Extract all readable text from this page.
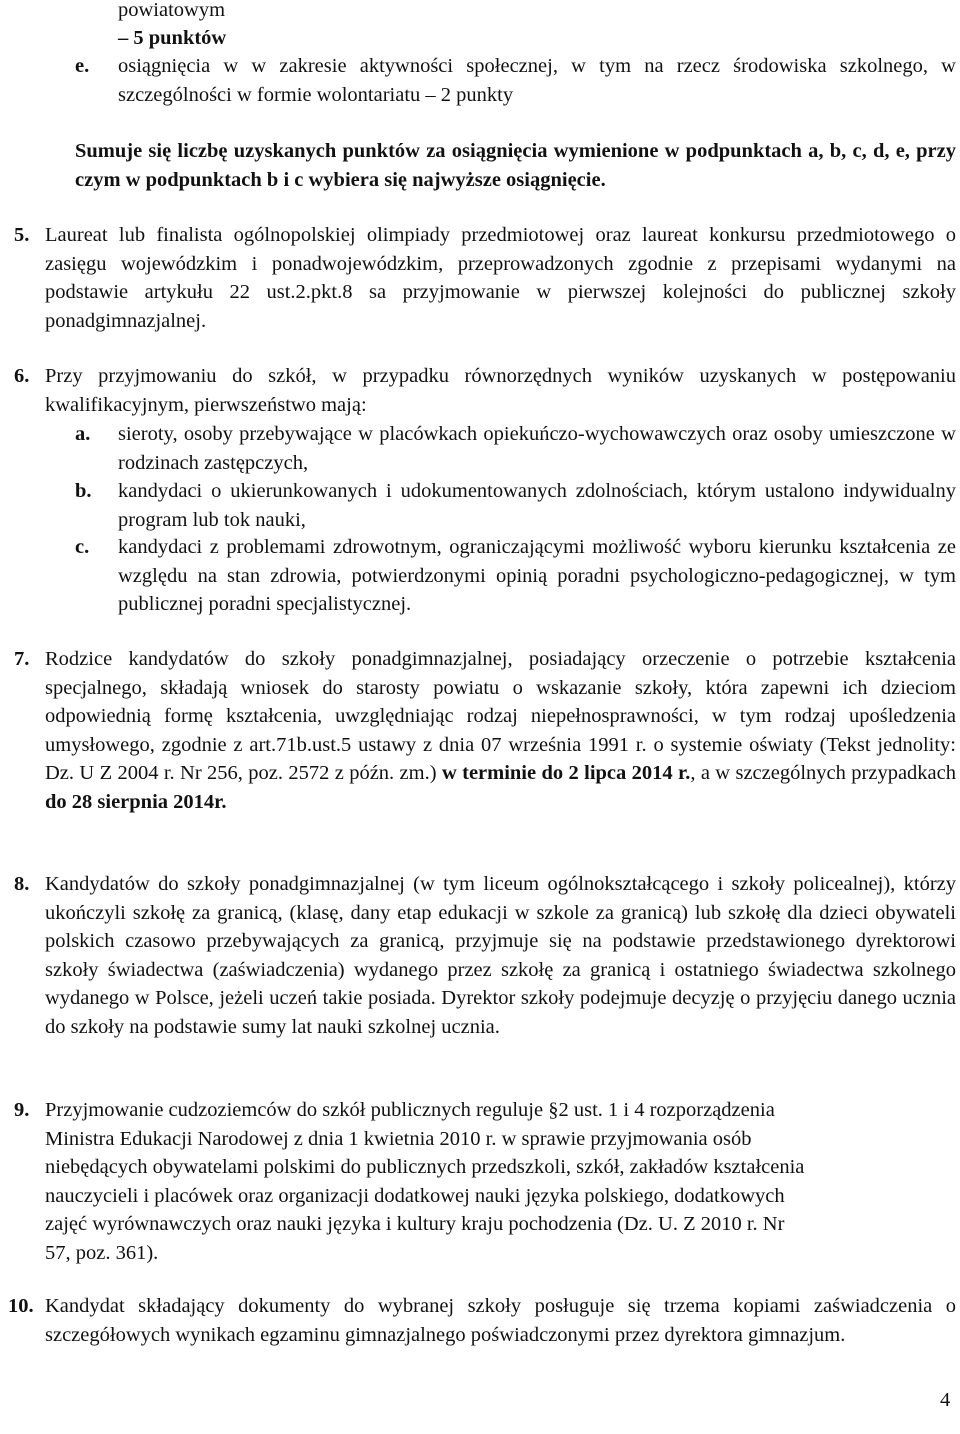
powiatowym

– 5 punktów

e. osiągnięcia w w zakresie aktywności społecznej, w tym na rzecz środowiska szkolnego, w szczególności w formie wolontariatu – 2 punkty

Sumuje się liczbę uzyskanych punktów za osiągnięcia wymienione w podpunktach a, b, c, d, e, przy czym w podpunktach b i c wybiera się najwyższe osiągnięcie.

5. Laureat lub finalista ogólnopolskiej olimpiady przedmiotowej oraz laureat konkursu przedmiotowego o zasięgu wojewódzkim i ponadwojewódzkim, przeprowadzonych zgodnie z przepisami wydanymi na podstawie artykułu 22 ust.2.pkt.8 sa przyjmowanie w pierwszej kolejności do publicznej szkoły ponadgimnazjalnej.

6. Przy przyjmowaniu do szkół, w przypadku równorzędnych wyników uzyskanych w postępowaniu kwalifikacyjnym, pierwszeństwo mają:

a. sieroty, osoby przebywające w placówkach opiekuńczo-wychowawczych oraz osoby umieszczone w rodzinach zastępczych,

b. kandydaci o ukierunkowanych i udokumentowanych zdolnościach, którym ustalono indywidualny program lub tok nauki,

c. kandydaci z problemami zdrowotnym, ograniczającymi możliwość wyboru kierunku kształcenia ze względu na stan zdrowia, potwierdzonymi opinią poradni psychologiczno-pedagogicznej, w tym publicznej poradni specjalistycznej.

7. Rodzice kandydatów do szkoły ponadgimnazjalnej, posiadający orzeczenie o potrzebie kształcenia specjalnego, składają wniosek do starosty powiatu o wskazanie szkoły, która zapewni ich dzieciom odpowiednią formę kształcenia, uwzględniając rodzaj niepełnosprawności, w tym rodzaj upośledzenia umysłowego, zgodnie z art.71b.ust.5 ustawy z dnia 07 września 1991 r. o systemie oświaty (Tekst jednolity: Dz. U Z 2004 r. Nr 256, poz. 2572 z późn. zm.) w terminie do 2 lipca 2014 r., a w szczególnych przypadkach do 28 sierpnia 2014r.

8. Kandydatów do szkoły ponadgimnazjalnej (w tym liceum ogólnokształcącego i szkoły policealnej), którzy ukończyli szkołę za granicą, (klasę, dany etap edukacji w szkole za granicą) lub szkołę dla dzieci obywateli polskich czasowo przebywających za granicą, przyjmuje się na podstawie przedstawionego dyrektorowi szkoły świadectwa (zaświadczenia) wydanego przez szkołę za granicą i ostatniego świadectwa szkolnego wydanego w Polsce, jeżeli uczeń takie posiada. Dyrektor szkoły podejmuje decyzję o przyjęciu danego ucznia do szkoły na podstawie sumy lat nauki szkolnej ucznia.

9. Przyjmowanie cudzoziemców do szkół publicznych reguluje §2 ust. 1 i 4 rozporządzenia
Ministra Edukacji Narodowej z dnia 1 kwietnia 2010 r. w sprawie przyjmowania osób
niebędących obywatelami polskimi do publicznych przedszkoli, szkół, zakładów kształcenia
nauczycieli i placówek oraz organizacji dodatkowej nauki języka polskiego, dodatkowych
zajęć wyrównawczych oraz nauki języka i kultury kraju pochodzenia (Dz. U. Z 2010 r. Nr
57, poz. 361).
10. Kandydat składający dokumenty do wybranej szkoły posługuje się trzema kopiami zaświadczenia o szczegółowych wynikach egzaminu gimnazjalnego poświadczonymi przez dyrektora gimnazjum.

4
